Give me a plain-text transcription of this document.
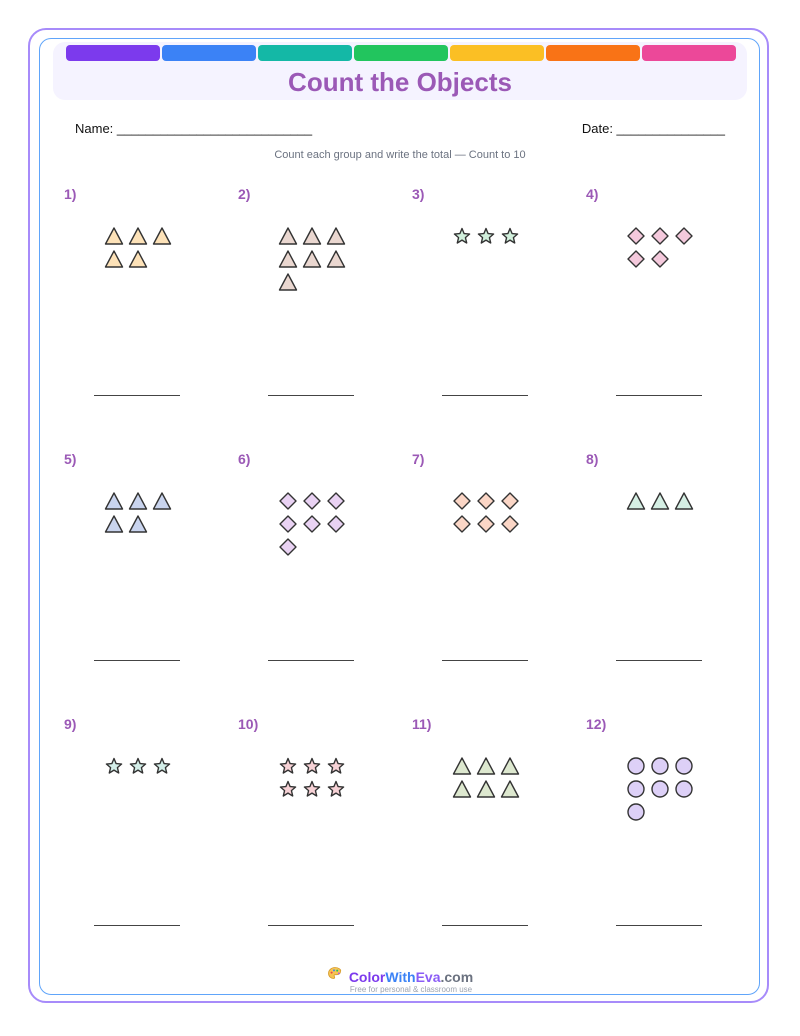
Count the Objects
Name: ___________________________	Date: _______________
Count each group and write the total — Count to 10
1)	2)	3)	4)
5)	6)	7)	8)
9)	10)	11)	12)
ColorWithEva.com
Free for personal & classroom use
